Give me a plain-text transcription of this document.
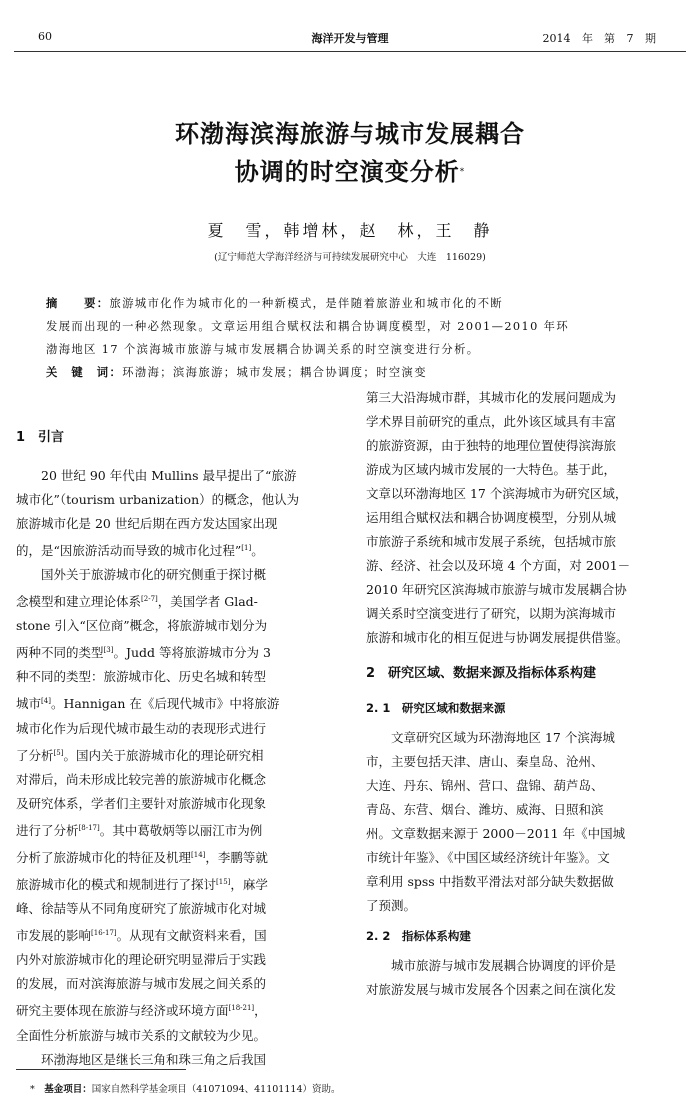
60	海洋开发与管理	2014 年　第 7 期
环渤海滨海旅游与城市发展耦合
协调的时空演变分析*
夏　雪，韩增林，赵　林，王　静
(辽宁师范大学海洋经济与可持续发展研究中心　大连　116029)

摘　　要：旅游城市化作为城市化的一种新模式，是伴随着旅游业和城市化的不断

发展而出现的一种必然现象。文章运用组合赋权法和耦合协调度模型，对 2001—2010 年环

渤海地区 17 个滨海城市旅游与城市发展耦合协调关系的时空演变进行分析。

关　键　词：环渤海；滨海旅游；城市发展；耦合协调度；时空演变

1　引言

20 世纪 90 年代由 Mullins 最早提出了“旅游
城市化”（tourism urbanization）的概念，他认为
旅游城市化是 20 世纪后期在西方发达国家出现
的，是“因旅游活动而导致的城市化过程”[1]。

国外关于旅游城市化的研究侧重于探讨概
念模型和建立理论体系[2-7]，美国学者 Glad-
stone 引入“区位商”概念，将旅游城市划分为
两种不同的类型[3]。Judd 等将旅游城市分为 3
种不同的类型：旅游城市化、历史名城和转型
城市[4]。Hannigan 在《后现代城市》中将旅游
城市化作为后现代城市最生动的表现形式进行
了分析[5]。国内关于旅游城市化的理论研究相
对滞后，尚未形成比较完善的旅游城市化概念
及研究体系，学者们主要针对旅游城市化现象
进行了分析[8-17]。其中葛敬炳等以丽江市为例
分析了旅游城市化的特征及机理[14]，李鹏等就
旅游城市化的模式和规制进行了探讨[15]，麻学
峰、徐喆等从不同角度研究了旅游城市化对城
市发展的影响[16-17]。从现有文献资料来看，国
内外对旅游城市化的理论研究明显滞后于实践
的发展，而对滨海旅游与城市发展之间关系的
研究主要体现在旅游与经济或环境方面[18-21]，
全面性分析旅游与城市关系的文献较为少见。

环渤海地区是继长三角和珠三角之后我国

第三大沿海城市群，其城市化的发展问题成为
学术界目前研究的重点，此外该区域具有丰富
的旅游资源，由于独特的地理位置使得滨海旅
游成为区域内城市发展的一大特色。基于此，
文章以环渤海地区 17 个滨海城市为研究区域，
运用组合赋权法和耦合协调度模型，分别从城
市旅游子系统和城市发展子系统，包括城市旅
游、经济、社会以及环境 4 个方面，对 2001－
2010 年研究区滨海城市旅游与城市发展耦合协
调关系时空演变进行了研究，以期为滨海城市
旅游和城市化的相互促进与协调发展提供借鉴。

2　研究区域、数据来源及指标体系构建

2. 1　研究区域和数据来源

文章研究区域为环渤海地区 17 个滨海城
市，主要包括天津、唐山、秦皇岛、沧州、
大连、丹东、锦州、营口、盘锦、葫芦岛、
青岛、东营、烟台、潍坊、威海、日照和滨
州。文章数据来源于 2000－2011 年《中国城
市统计年鉴》、《中国区域经济统计年鉴》。文
章利用 spss 中指数平滑法对部分缺失数据做
了预测。

2. 2　指标体系构建

城市旅游与城市发展耦合协调度的评价是
对旅游发展与城市发展各个因素之间在演化发

*　 基金项目：国家自然科学基金项目（41071094、41101114）资助。
